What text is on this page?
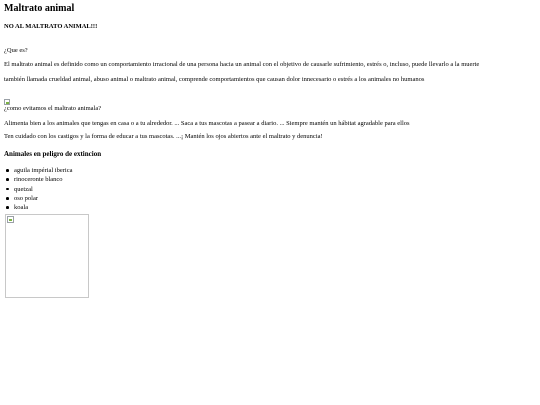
Maltrato animal
NO AL MALTRATO ANIMAL!!!
¿Que es?
El maltrato animal es definido como un comportamiento irracional de una persona hacia un animal con el objetivo de causarle sufrimiento, estrés o, incluso, puede llevarlo a la muerte
también llamada crueldad animal, abuso animal o maltrato animal, comprende comportamientos que causan dolor innecesario o estrés a los animales no humanos
¿como evitamos el maltrato animala?
Alimenta bien a los animales que tengas en casa o a tu alrededor. ... Saca a tus mascotas a pasear a diario. ... Siempre mantén un hábitat agradable para ellos
Ten cuidado con los castigos y la forma de educar a tus mascotas. ...¡ Mantén los ojos abiertos ante el maltrato y denuncia!
Animales en peligro de extincion
aguila impérial iberica
rinoceronte blanco
quetzal
oso polar
koala
